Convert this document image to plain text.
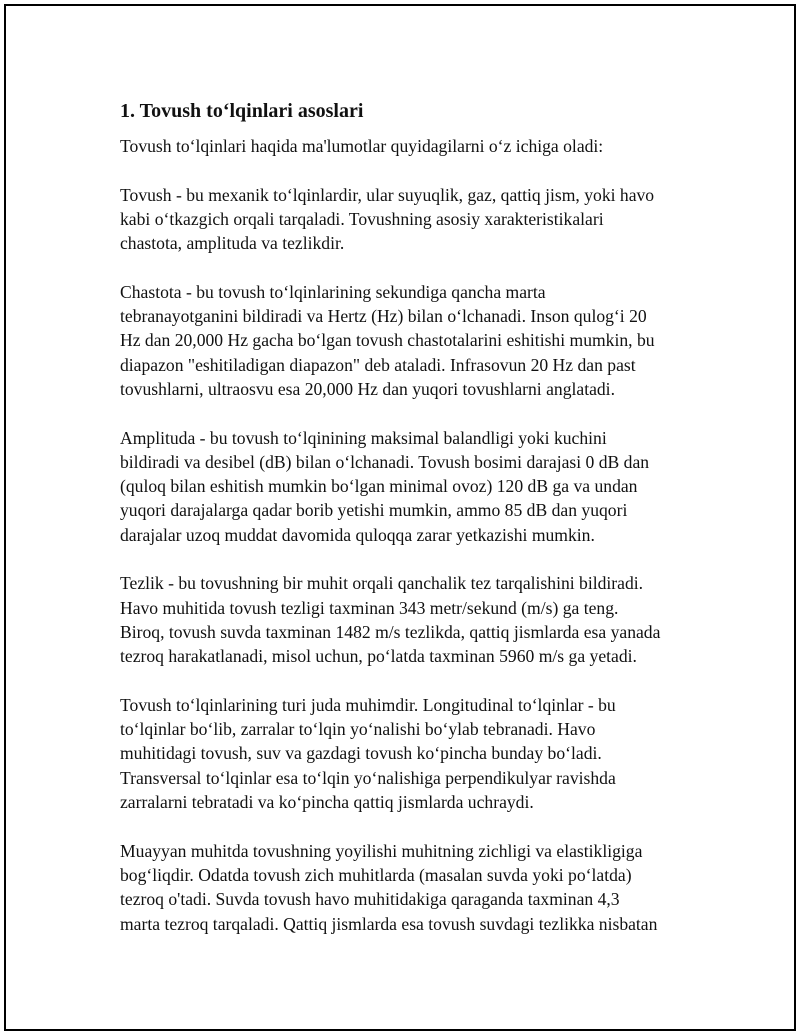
1. Tovush to‘lqinlari asoslari

Tovush to‘lqinlari haqida ma'lumotlar quyidagilarni o‘z ichiga oladi:

Tovush - bu mexanik to‘lqinlardir, ular suyuqlik, gaz, qattiq jism, yoki havo
kabi o‘tkazgich orqali tarqaladi. Tovushning asosiy xarakteristikalari
chastota, amplituda va tezlikdir.

Chastota - bu tovush to‘lqinlarining sekundiga qancha marta
tebranayotganini bildiradi va Hertz (Hz) bilan o‘lchanadi. Inson qulog‘i 20
Hz dan 20,000 Hz gacha bo‘lgan tovush chastotalarini eshitishi mumkin, bu
diapazon "eshitiladigan diapazon" deb ataladi. Infrasovun 20 Hz dan past
tovushlarni, ultraosvu esa 20,000 Hz dan yuqori tovushlarni anglatadi.

Amplituda - bu tovush to‘lqinining maksimal balandligi yoki kuchini
bildiradi va desibel (dB) bilan o‘lchanadi. Tovush bosimi darajasi 0 dB dan
(quloq bilan eshitish mumkin bo‘lgan minimal ovoz) 120 dB ga va undan
yuqori darajalarga qadar borib yetishi mumkin, ammo 85 dB dan yuqori
darajalar uzoq muddat davomida quloqqa zarar yetkazishi mumkin.

Tezlik - bu tovushning bir muhit orqali qanchalik tez tarqalishini bildiradi.
Havo muhitida tovush tezligi taxminan 343 metr/sekund (m/s) ga teng.
Biroq, tovush suvda taxminan 1482 m/s tezlikda, qattiq jismlarda esa yanada
tezroq harakatlanadi, misol uchun, po‘latda taxminan 5960 m/s ga yetadi.

Tovush to‘lqinlarining turi juda muhimdir. Longitudinal to‘lqinlar - bu
to‘lqinlar bo‘lib, zarralar to‘lqin yo‘nalishi bo‘ylab tebranadi. Havo
muhitidagi tovush, suv va gazdagi tovush ko‘pincha bunday bo‘ladi.
Transversal to‘lqinlar esa to‘lqin yo‘nalishiga perpendikulyar ravishda
zarralarni tebratadi va ko‘pincha qattiq jismlarda uchraydi.

Muayyan muhitda tovushning yoyilishi muhitning zichligi va elastikligiga
bog‘liqdir. Odatda tovush zich muhitlarda (masalan suvda yoki po‘latda)
tezroq o'tadi. Suvda tovush havo muhitidakiga qaraganda taxminan 4,3
marta tezroq tarqaladi. Qattiq jismlarda esa tovush suvdagi tezlikka nisbatan
